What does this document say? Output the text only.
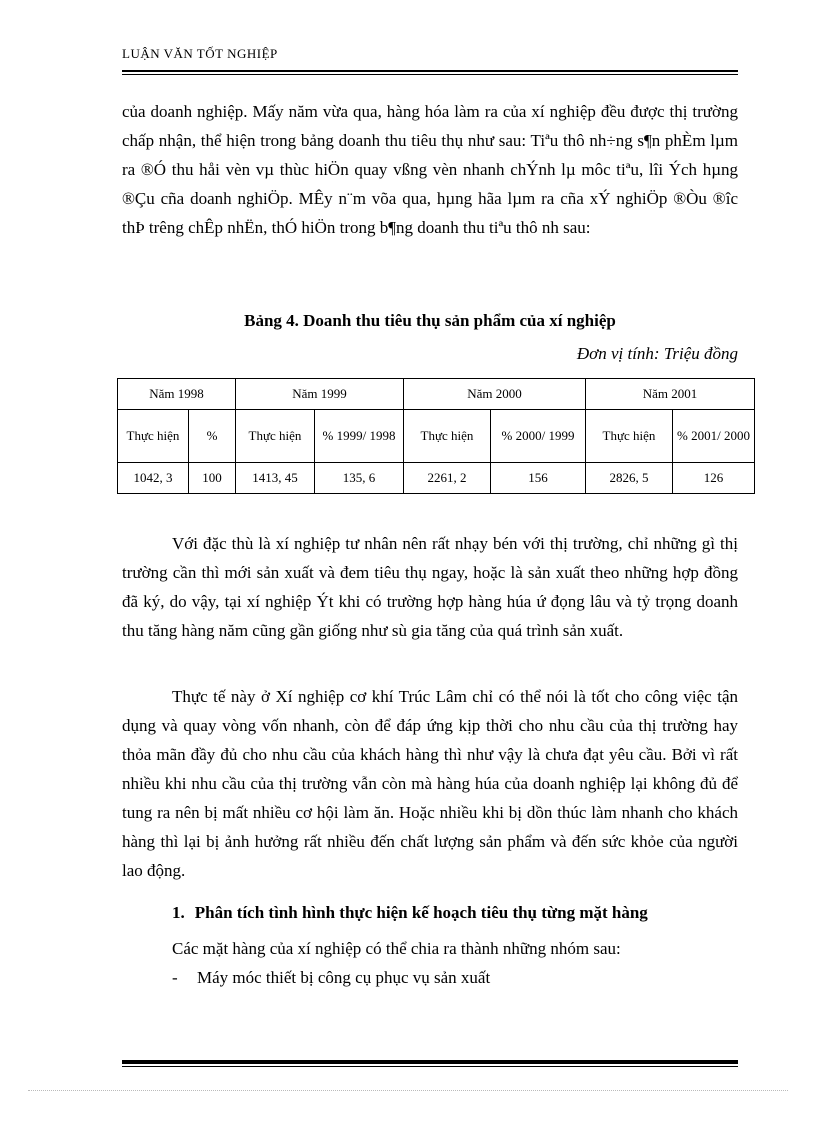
LUẬN VĂN TỐT NGHIỆP
của doanh nghiệp. Mấy năm vừa qua, hàng hóa làm ra của xí nghiệp đều được thị trường chấp nhận, thể hiện trong bảng doanh thu tiêu thụ như sau: Tiªu thô nh÷ng s¶n phÈm lµm ra ®Ó thu håi vèn vµ thùc hiÖn quay vßng vèn nhanh chÝnh lµ môc tiªu, lîi Ých hµng ®Çu cña doanh nghiÖp. MÊy n¨m võa qua, hµng hãa lµm ra cña xÝ nghiÖp ®Òu ®îc thÞ trêng chÊp nhËn, thÓ hiÖn trong b¶ng doanh thu tiªu thô nh sau:
Bảng 4. Doanh thu tiêu thụ sản phẩm của xí nghiệp
Đơn vị tính: Triệu đồng
Năm 1998		Năm 1999		Năm 2000		Năm 2001	
Thực hiện	%	Thực hiện	% 1999/ 1998	Thực hiện	% 2000/ 1999	Thực hiện	% 2001/ 2000
1042, 3	100	1413, 45	135, 6	2261, 2	156	2826, 5	126
Với đặc thù là xí nghiệp tư nhân nên rất nhạy bén với thị trường, chỉ những gì thị trường cần thì mới sản xuất và đem tiêu thụ ngay, hoặc là sản xuất theo những hợp đồng đã ký, do vậy, tại xí nghiệp Ýt khi có trường hợp hàng húa ứ đọng lâu và tỷ trọng doanh thu tăng hàng năm cũng gần giống như sù gia tăng của quá trình sản xuất.
Thực tế này ở Xí nghiệp cơ khí Trúc Lâm chỉ có thể nói là tốt cho công việc tận dụng và quay vòng vốn nhanh, còn để đáp ứng kịp thời cho nhu cầu của thị trường hay thỏa mãn đầy đủ cho nhu cầu của khách hàng thì như vậy là chưa đạt yêu cầu. Bởi vì rất nhiều khi nhu cầu của thị trường vẫn còn mà hàng húa của doanh nghiệp lại không đủ để tung ra nên bị mất nhiều cơ hội làm ăn. Hoặc nhiều khi bị dồn thúc làm nhanh cho khách hàng thì lại bị ảnh hưởng rất nhiều đến chất lượng sản phẩm và đến sức khỏe của người lao động.
1. Phân tích tình hình thực hiện kế hoạch tiêu thụ từng mặt hàng
Các mặt hàng của xí nghiệp có thể chia ra thành những nhóm sau:
- Máy móc thiết bị công cụ phục vụ sản xuất
